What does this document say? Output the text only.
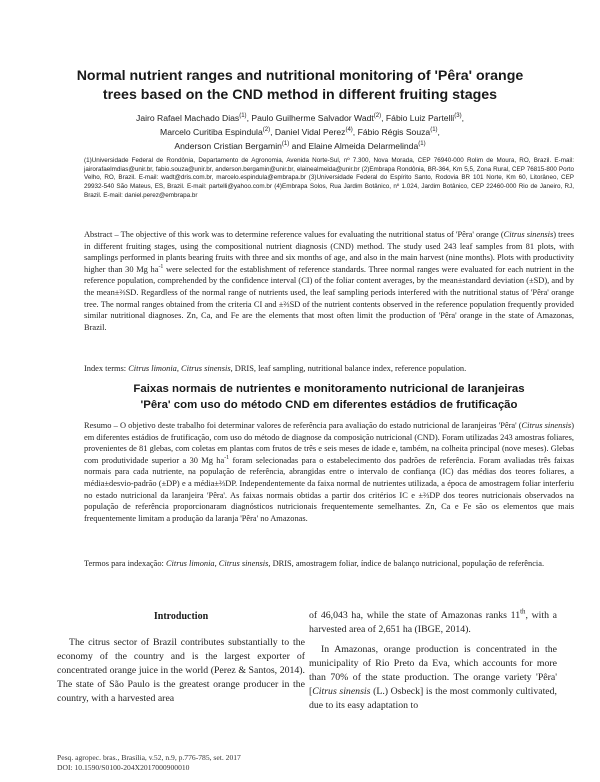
Normal nutrient ranges and nutritional monitoring of 'Pêra' orange
trees based on the CND method in different fruiting stages
Jairo Rafael Machado Dias$^{(1)}$, Paulo Guilherme Salvador Wadt$^{(2)}$, Fábio Luiz Partelli$^{(3)}$,
Marcelo Curitiba Espindula$^{(2)}$, Daniel Vidal Perez$^{(4)}$, Fábio Régis Souza$^{(1)}$,
Anderson Cristian Bergamin$^{(1)}$ and Elaine Almeida Delarmelinda$^{(1)}$
(1)Universidade Federal de Rondônia, Departamento de Agronomia, Avenida Norte-Sul, nº 7.300, Nova Morada, CEP 76940-000 Rolim de Moura, RO, Brazil. E-mail: jairorafaelmdias@unir.br, fabio.souza@unir.br, anderson.bergamin@unir.br, elainealmeida@unir.br (2)Embrapa Rondônia, BR-364, Km 5,5, Zona Rural, CEP 76815-800 Porto Velho, RO, Brazil. E-mail: wadt@dris.com.br, marcelo.espindula@embrapa.br (3)Universidade Federal do Espírito Santo, Rodovia BR 101 Norte, Km 60, Litorâneo, CEP 29932-540 São Mateus, ES, Brazil. E-mail: partelli@yahoo.com.br (4)Embrapa Solos, Rua Jardim Botânico, nº 1.024, Jardim Botânico, CEP 22460-000 Rio de Janeiro, RJ, Brazil. E-mail: daniel.perez@embrapa.br
Abstract – The objective of this work was to determine reference values for evaluating the nutritional status of 'Pêra' orange (Citrus sinensis) trees in different fruiting stages, using the compositional nutrient diagnosis (CND) method. The study used 243 leaf samples from 81 plots, with samplings performed in plants bearing fruits with three and six months of age, and also in the main harvest (nine months). Plots with productivity higher than 30 Mg $ha^{-1}$ were selected for the establishment of reference standards. Three normal ranges were evaluated for each nutrient in the reference population, comprehended by the confidence interval (CI) of the foliar content averages, by the mean±standard deviation (±SD), and by the mean±⅔SD. Regardless of the normal range of nutrients used, the leaf sampling periods interfered with the nutritional status of 'Pêra' orange tree. The normal ranges obtained from the criteria CI and ±⅔SD of the nutrient contents observed in the reference population frequently provided similar nutritional diagnoses. Zn, Ca, and Fe are the elements that most often limit the production of 'Pêra' orange in the state of Amazonas, Brazil.
Index terms: Citrus limonia, Citrus sinensis, DRIS, leaf sampling, nutritional balance index, reference population.
Faixas normais de nutrientes e monitoramento nutricional de laranjeiras
'Pêra' com uso do método CND em diferentes estádios de frutificação
Resumo – O objetivo deste trabalho foi determinar valores de referência para avaliação do estado nutricional de laranjeiras 'Pêra' (Citrus sinensis) em diferentes estádios de frutificação, com uso do método de diagnose da composição nutricional (CND). Foram utilizadas 243 amostras foliares, provenientes de 81 glebas, com coletas em plantas com frutos de três e seis meses de idade e, também, na colheita principal (nove meses). Glebas com produtividade superior a 30 Mg $ha^{-1}$ foram selecionadas para o estabelecimento dos padrões de referência. Foram avaliadas três faixas normais para cada nutriente, na população de referência, abrangidas entre o intervalo de confiança (IC) das médias dos teores foliares, a média±desvio-padrão (±DP) e a média±⅔DP. Independentemente da faixa normal de nutrientes utilizada, a época de amostragem foliar interferiu no estado nutricional da laranjeira 'Pêra'. As faixas normais obtidas a partir dos critérios IC e ±⅔DP dos teores nutricionais observados na população de referência proporcionaram diagnósticos nutricionais frequentemente semelhantes. Zn, Ca e Fe são os elementos que mais frequentemente limitam a produção da laranja 'Pêra' no Amazonas.
Termos para indexação: Citrus limonia, Citrus sinensis, DRIS, amostragem foliar, índice de balanço nutricional, população de referência.
Introduction

The citrus sector of Brazil contributes substantially to the economy of the country and is the largest exporter of concentrated orange juice in the world (Perez & Santos, 2014). The state of São Paulo is the greatest orange producer in the country, with a harvested area

of 46,043 ha, while the state of Amazonas ranks 11th, with a harvested area of 2,651 ha (IBGE, 2014).

In Amazonas, orange production is concentrated in the municipality of Rio Preto da Eva, which accounts for more than 70% of the state production. The orange variety 'Pêra' [Citrus sinensis (L.) Osbeck] is the most commonly cultivated, due to its easy adaptation to

Pesq. agropec. bras., Brasília, v.52, n.9, p.776-785, set. 2017
DOI: 10.1590/S0100-204X2017000900010
